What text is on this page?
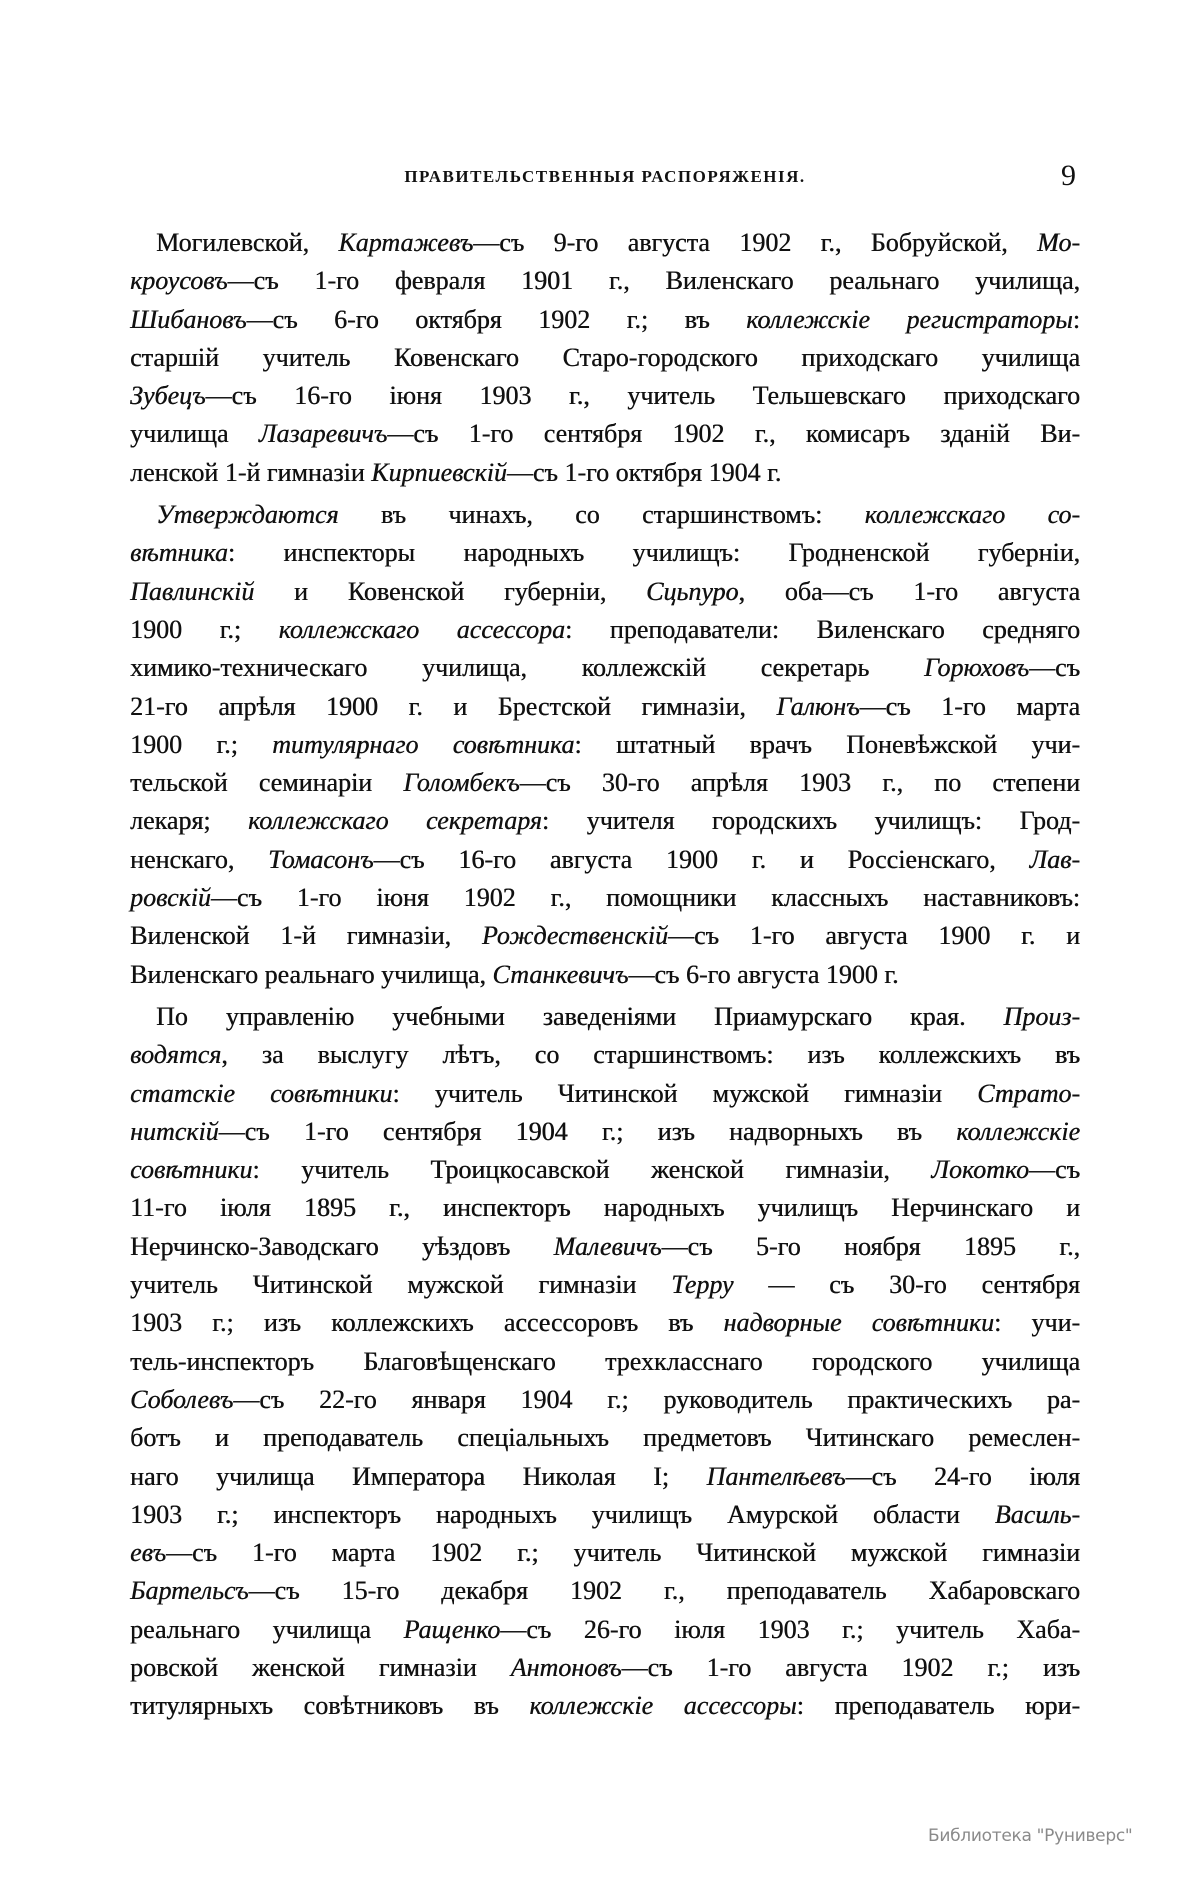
ПРАВИТЕЛЬСТВЕННЫЯ РАСПОРЯЖЕНІЯ.	9
Могилевской, Картажевъ—съ 9-го августа 1902 г., Бобруйской, Мо-
кроусовъ—съ 1-го февраля 1901 г., Виленскаго реальнаго училища,
Шибановъ—съ 6-го октября 1902 г.; въ коллежскіе регистраторы:
старшій учитель Ковенскаго Старо-городского приходскаго училища
Зубецъ—съ 16-го іюня 1903 г., учитель Тельшевскаго приходскаго
училища Лазаревичъ—съ 1-го сентября 1902 г., комисаръ зданій Ви-
ленской 1-й гимназіи Кирпиевскій—съ 1-го октября 1904 г.
Утверждаются въ чинахъ, со старшинствомъ: коллежскаго со-
вѣтника: инспекторы народныхъ училищъ: Гродненской губерніи,
Павлинскій и Ковенской губерніи, Сцьпуро, оба—съ 1-го августа
1900 г.; коллежскаго ассессора: преподаватели: Виленскаго средняго
химико-техническаго училища, коллежскій секретарь Горюховъ—съ
21-го апрѣля 1900 г. и Брестской гимназіи, Галюнъ—съ 1-го марта
1900 г.; титулярнаго совѣтника: штатный врачъ Поневѣжской учи-
тельской семинаріи Голомбекъ—съ 30-го апрѣля 1903 г., по степени
лекаря; коллежскаго секретаря: учителя городскихъ училищъ: Грод-
ненскаго, Томасонъ—съ 16-го августа 1900 г. и Россіенскаго, Лав-
ровскій—съ 1-го іюня 1902 г., помощники классныхъ наставниковъ:
Виленской 1-й гимназіи, Рождественскій—съ 1-го августа 1900 г. и
Виленскаго реальнаго училища, Станкевичъ—съ 6-го августа 1900 г.
По управленію учебными заведеніями Приамурскаго края. Произ-
водятся, за выслугу лѣтъ, со старшинствомъ: изъ коллежскихъ въ
статскіе совѣтники: учитель Читинской мужской гимназіи Страто-
нитскій—съ 1-го сентября 1904 г.; изъ надворныхъ въ коллежскіе
совѣтники: учитель Троицкосавской женской гимназіи, Локотко—съ
11-го іюля 1895 г., инспекторъ народныхъ училищъ Нерчинскаго и
Нерчинско-Заводскаго уѣздовъ Малевичъ—съ 5-го ноября 1895 г.,
учитель Читинской мужской гимназіи Терру — съ 30-го сентября
1903 г.; изъ коллежскихъ ассессоровъ въ надворные совѣтники: учи-
тель-инспекторъ Благовѣщенскаго трехкласснаго городского училища
Соболевъ—съ 22-го января 1904 г.; руководитель практическихъ ра-
ботъ и преподаватель спеціальныхъ предметовъ Читинскаго ремеслен-
наго училища Императора Николая I; Пантелѣевъ—съ 24-го іюля
1903 г.; инспекторъ народныхъ училищъ Амурской области Василь-
евъ—съ 1-го марта 1902 г.; учитель Читинской мужской гимназіи
Бартельсъ—съ 15-го декабря 1902 г., преподаватель Хабаровскаго
реальнаго училища Ращенко—съ 26-го іюля 1903 г.; учитель Хаба-
ровской женской гимназіи Антоновъ—съ 1-го августа 1902 г.; изъ
титулярныхъ совѣтниковъ въ коллежскіе ассессоры: преподаватель юри-
Библиотека "Руниверс"
